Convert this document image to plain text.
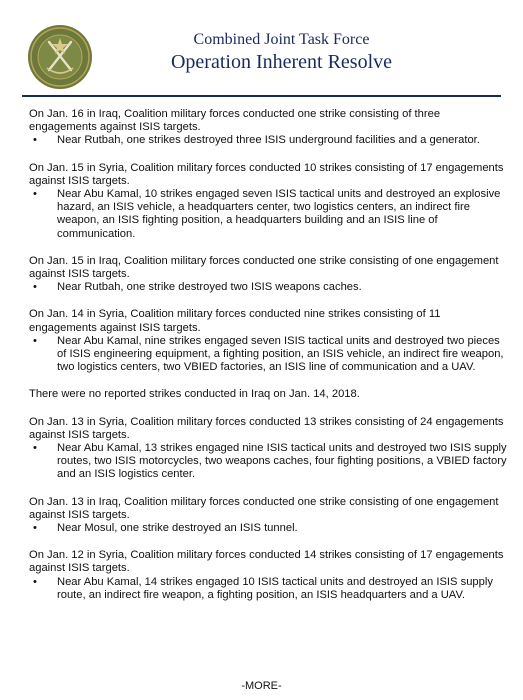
Combined Joint Task Force
Operation Inherent Resolve
On Jan. 16 in Iraq, Coalition military forces conducted one strike consisting of three engagements against ISIS targets.
• Near Rutbah, one strikes destroyed three ISIS underground facilities and a generator.
On Jan. 15 in Syria, Coalition military forces conducted 10 strikes consisting of 17 engagements against ISIS targets.
• Near Abu Kamal, 10 strikes engaged seven ISIS tactical units and destroyed an explosive hazard, an ISIS vehicle, a headquarters center, two logistics centers, an indirect fire weapon, an ISIS fighting position, a headquarters building and an ISIS line of communication.
On Jan. 15 in Iraq, Coalition military forces conducted one strike consisting of one engagement against ISIS targets.
• Near Rutbah, one strike destroyed two ISIS weapons caches.
On Jan. 14 in Syria, Coalition military forces conducted nine strikes consisting of 11 engagements against ISIS targets.
• Near Abu Kamal, nine strikes engaged seven ISIS tactical units and destroyed two pieces of ISIS engineering equipment, a fighting position, an ISIS vehicle, an indirect fire weapon, two logistics centers, two VBIED factories, an ISIS line of communication and a UAV.
There were no reported strikes conducted in Iraq on Jan. 14, 2018.
On Jan. 13 in Syria, Coalition military forces conducted 13 strikes consisting of 24 engagements against ISIS targets.
• Near Abu Kamal, 13 strikes engaged nine ISIS tactical units and destroyed two ISIS supply routes, two ISIS motorcycles, two weapons caches, four fighting positions, a VBIED factory and an ISIS logistics center.
On Jan. 13 in Iraq, Coalition military forces conducted one strike consisting of one engagement against ISIS targets.
• Near Mosul, one strike destroyed an ISIS tunnel.
On Jan. 12 in Syria, Coalition military forces conducted 14 strikes consisting of 17 engagements against ISIS targets.
• Near Abu Kamal, 14 strikes engaged 10 ISIS tactical units and destroyed an ISIS supply route, an indirect fire weapon, a fighting position, an ISIS headquarters and a UAV.
-MORE-
